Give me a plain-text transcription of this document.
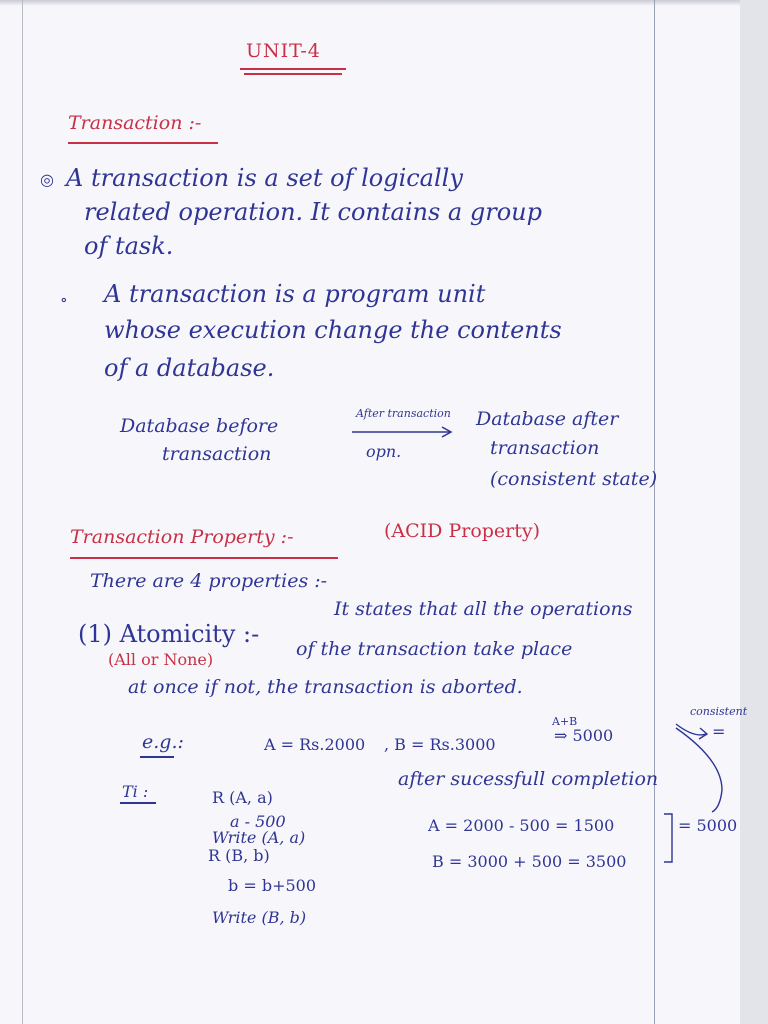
UNIT-4
Transaction :-
◎ A transaction is a set of logically
related operation. It contains a group
of task.
∘ A transaction is a program unit
whose execution change the contents
of a database.
Database before
transaction
After transaction
opn.
Database after
transaction
(consistent state)
Transaction Property :-	(ACID Property)
There are 4 properties :-
(1) Atomicity :-
(All or None)
It states that all the operations
of the transaction take place
at once if not, the transaction is aborted.
e.g.:	A = Rs.2000 , B = Rs.3000
A+B
⇒ 5000
consistent
=
Ti :	R (A, a)
a - 500
Write (A, a)
R (B, b)
b = b+500
Write (B, b)
after sucessfull completion
A = 2000 - 500 = 1500
B = 3000 + 500 = 3500
= 5000
